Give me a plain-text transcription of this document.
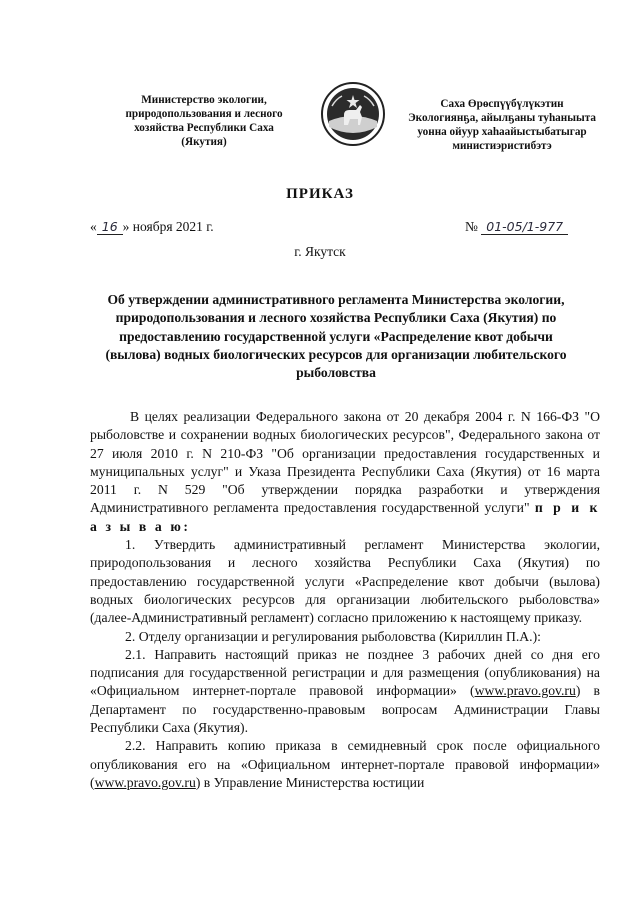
Министерство экологии,
природопользования и лесного
хозяйства Республики Саха
(Якутия)
Саха Өрөспүүбүлүкэтин
Экологиянҕа, айылҕаны туһаныыта
уонна ойуур хаһаайыстыбатыгар
министиэристибэтэ
ПРИКАЗ
« 16 » ноября 2021 г.	№ 01-05/1-977
г. Якутск
Об утверждении административного регламента Министерства экологии, природопользования и лесного хозяйства Республики Саха (Якутия) по предоставлению государственной услуги «Распределение квот добычи (вылова) водных биологических ресурсов для организации любительского рыболовства

В целях реализации Федерального закона от 20 декабря 2004 г. N 166-ФЗ "О рыболовстве и сохранении водных биологических ресурсов", Федерального закона от 27 июля 2010 г. N 210-ФЗ "Об организации предоставления государственных и муниципальных услуг" и Указа Президента Республики Саха (Якутия) от 16 марта 2011 г. N 529 "Об утверждении порядка разработки и утверждения Административного регламента предоставления государственной услуги" п р и к а з ы в а ю:

1. Утвердить административный регламент Министерства экологии, природопользования и лесного хозяйства Республики Саха (Якутия) по предоставлению государственной услуги «Распределение квот добычи (вылова) водных биологических ресурсов для организации любительского рыболовства» (далее-Административный регламент) согласно приложению к настоящему приказу.

2. Отделу организации и регулирования рыболовства (Кириллин П.А.):

2.1. Направить настоящий приказ не позднее 3 рабочих дней со дня его подписания для государственной регистрации и для размещения (опубликования) на «Официальном интернет-портале правовой информации» (www.pravo.gov.ru) в Департамент по государственно-правовым вопросам Администрации Главы Республики Саха (Якутия).

2.2. Направить копию приказа в семидневный срок после официального опубликования его на «Официальном интернет-портале правовой информации» (www.pravo.gov.ru) в Управление Министерства юстиции
